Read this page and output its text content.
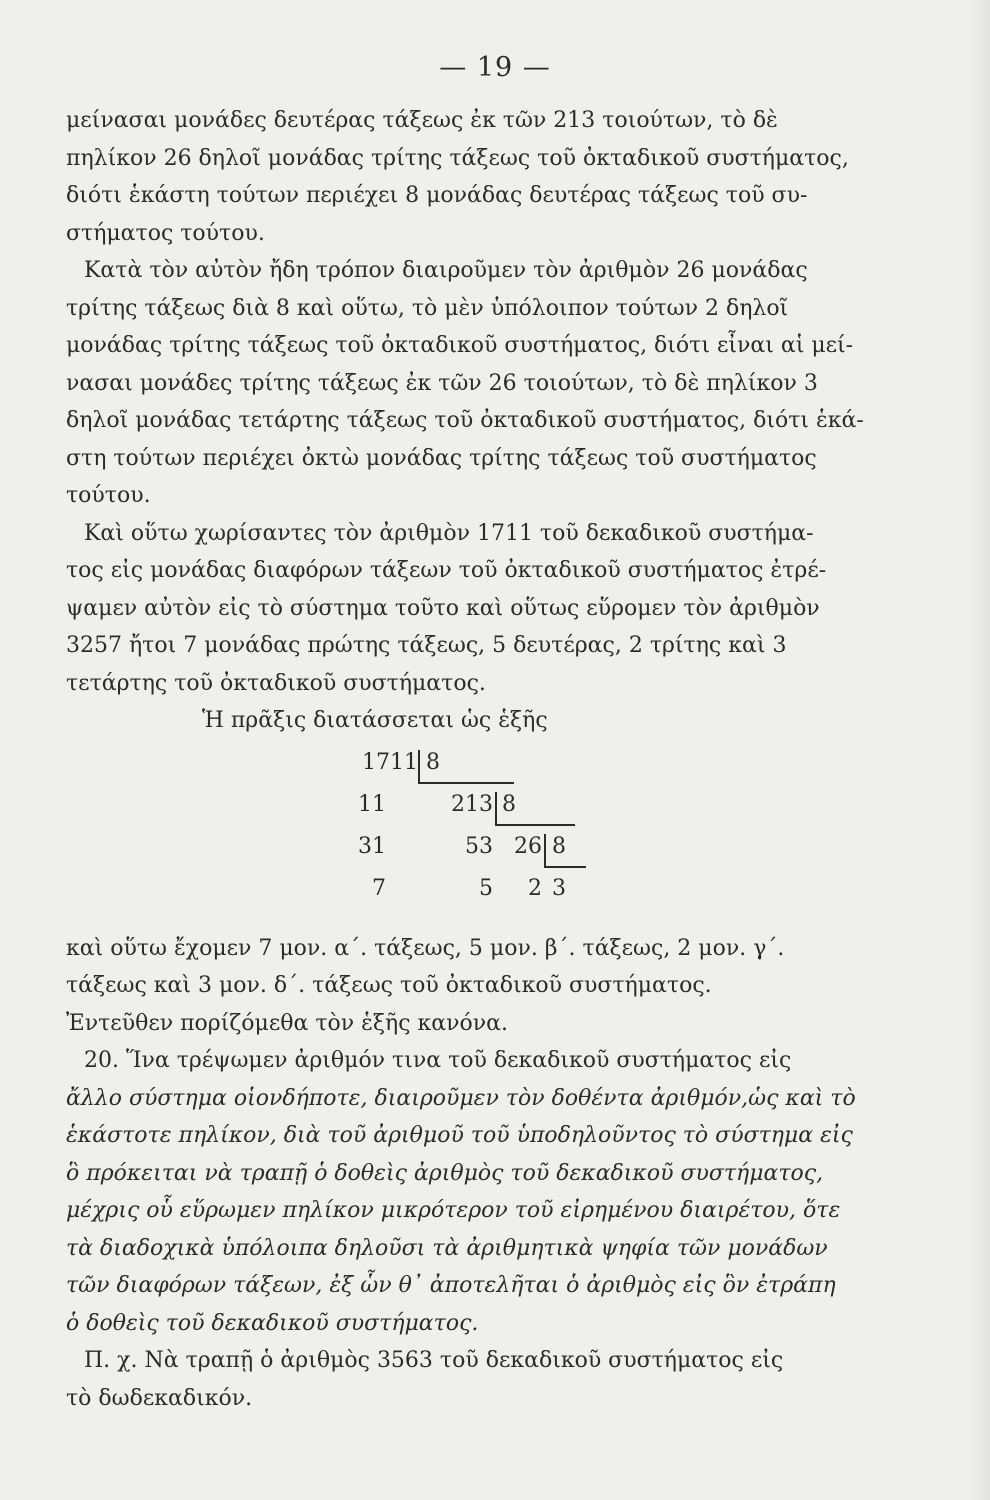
— 19 —
μείνασαι μονάδες δευτέρας τάξεως ἐκ τῶν 213 τοιούτων, τὸ δὲ
πηλίκον 26 δηλοῖ μονάδας τρίτης τάξεως τοῦ ὀκταδικοῦ συστήματος,
διότι ἑκάστη τούτων περιέχει 8 μονάδας δευτέρας τάξεως τοῦ συ-
στήματος τούτου.
Κατὰ τὸν αὐτὸν ἤδη τρόπον διαιροῦμεν τὸν ἀριθμὸν 26 μονάδας
τρίτης τάξεως διὰ 8 καὶ οὕτω, τὸ μὲν ὑπόλοιπον τούτων 2 δηλοῖ
μονάδας τρίτης τάξεως τοῦ ὀκταδικοῦ συστήματος, διότι εἶναι αἱ μεί-
νασαι μονάδες τρίτης τάξεως ἐκ τῶν 26 τοιούτων, τὸ δὲ πηλίκον 3
δηλοῖ μονάδας τετάρτης τάξεως τοῦ ὀκταδικοῦ συστήματος, διότι ἑκά-
στη τούτων περιέχει ὀκτὼ μονάδας τρίτης τάξεως τοῦ συστήματος
τούτου.
Καὶ οὕτω χωρίσαντες τὸν ἀριθμὸν 1711 τοῦ δεκαδικοῦ συστήμα-
τος εἰς μονάδας διαφόρων τάξεων τοῦ ὀκταδικοῦ συστήματος ἐτρέ-
ψαμεν αὐτὸν εἰς τὸ σύστημα τοῦτο καὶ οὕτως εὕρομεν τὸν ἀριθμὸν
3257 ἤτοι 7 μονάδας πρώτης τάξεως, 5 δευτέρας, 2 τρίτης καὶ 3
τετάρτης τοῦ ὀκταδικοῦ συστήματος.
Ἡ πρᾶξις διατάσσεται ὡς ἑξῆς
1711 8
11	213 8
31	53 26 8
7	5	2 3
καὶ οὕτω ἔχομεν 7 μον. α΄. τάξεως, 5 μον. β΄. τάξεως, 2 μον. γ΄.
τάξεως καὶ 3 μον. δ΄. τάξεως τοῦ ὀκταδικοῦ συστήματος.
Ἐντεῦθεν πορίζόμεθα τὸν ἑξῆς κανόνα.
20. Ἵνα τρέψωμεν ἀριθμόν τινα τοῦ δεκαδικοῦ συστήματος εἰς
ἄλλο σύστημα οἱονδήποτε, διαιροῦμεν τὸν δοθέντα ἀριθμόν,ὡς καὶ τὸ
ἑκάστοτε πηλίκον, διὰ τοῦ ἀριθμοῦ τοῦ ὑποδηλοῦντος τὸ σύστημα εἰς
ὃ πρόκειται νὰ τραπῇ ὁ δοθεὶς ἀριθμὸς τοῦ δεκαδικοῦ συστήματος,
μέχρις οὗ εὕρωμεν πηλίκον μικρότερον τοῦ εἰρημένου διαιρέτου, ὅτε
τὰ διαδοχικὰ ὑπόλοιπα δηλοῦσι τὰ ἀριθμητικὰ ψηφία τῶν μονάδων
τῶν διαφόρων τάξεων, ἐξ ὧν θ᾽ ἀποτελῆται ὁ ἀριθμὸς εἰς ὃν ἐτράπη
ὁ δοθεὶς τοῦ δεκαδικοῦ συστήματος.
Π. χ. Νὰ τραπῇ ὁ ἀριθμὸς 3563 τοῦ δεκαδικοῦ συστήματος εἰς
τὸ δωδεκαδικόν.
